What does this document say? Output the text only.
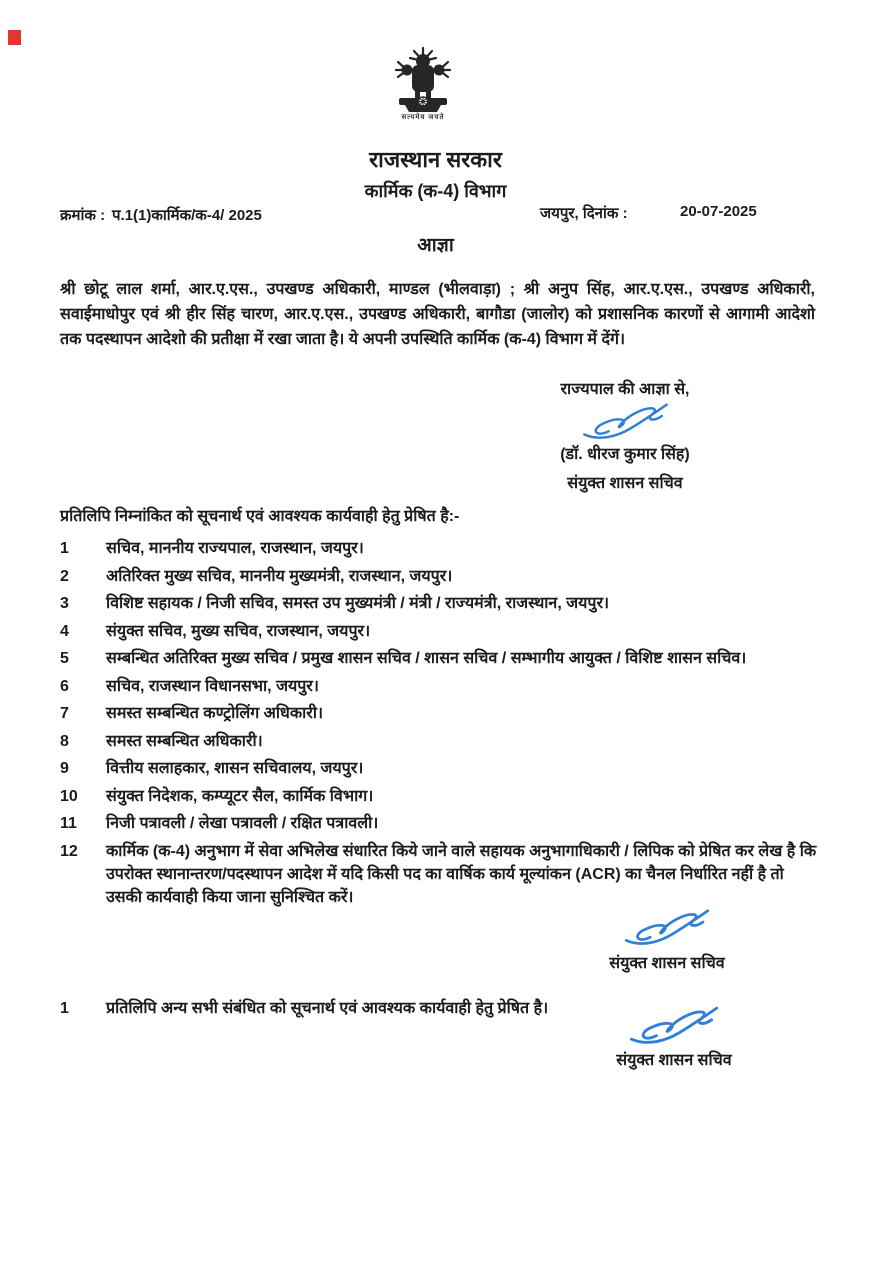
सत्यमेव जयते
राजस्थान सरकार
कार्मिक (क-4) विभाग
क्रमांक : प.1(1)कार्मिक/क-4/ 2025	जयपुर, दिनांक :	20-07-2025
आज्ञा
श्री छोटू लाल शर्मा, आर.ए.एस., उपखण्ड अधिकारी, माण्डल (भीलवाड़ा) ; श्री अनुप सिंह, आर.ए.एस., उपखण्ड अधिकारी, सवाईमाधोपुर एवं श्री हीर सिंह चारण, आर.ए.एस., उपखण्ड अधिकारी, बागौडा (जालोर) को प्रशासनिक कारणों से आगामी आदेशो तक पदस्थापन आदेशो की प्रतीक्षा में रखा जाता है। ये अपनी उपस्थिति कार्मिक (क-4) विभाग में देंगें।
राज्यपाल की आज्ञा से,
(डॉ. धीरज कुमार सिंह)
संयुक्त शासन सचिव
प्रतिलिपि निम्नांकित को सूचनार्थ एवं आवश्यक कार्यवाही हेतु प्रेषित है:-
1	सचिव, माननीय राज्यपाल, राजस्थान, जयपुर।
2	अतिरिक्त मुख्य सचिव, माननीय मुख्यमंत्री, राजस्थान, जयपुर।
3	विशिष्ट सहायक / निजी सचिव, समस्त उप मुख्यमंत्री / मंत्री / राज्यमंत्री, राजस्थान, जयपुर।
4	संयुक्त सचिव, मुख्य सचिव, राजस्थान, जयपुर।
5	सम्बन्धित अतिरिक्त मुख्य सचिव / प्रमुख शासन सचिव / शासन सचिव / सम्भागीय आयुक्त / विशिष्ट शासन सचिव।
6	सचिव, राजस्थान विधानसभा, जयपुर।
7	समस्त सम्बन्धित कण्ट्रोलिंग अधिकारी।
8	समस्त सम्बन्धित अधिकारी।
9	वित्तीय सलाहकार, शासन सचिवालय, जयपुर।
10	संयुक्त निदेशक, कम्प्यूटर सैल, कार्मिक विभाग।
11	निजी पत्रावली / लेखा पत्रावली / रक्षित पत्रावली।
12	कार्मिक (क-4) अनुभाग में सेवा अभिलेख संधारित किये जाने वाले सहायक अनुभागाधिकारी / लिपिक को प्रेषित कर लेख है कि उपरोक्त स्थानान्तरण/पदस्थापन आदेश में यदि किसी पद का वार्षिक कार्य मूल्यांकन (ACR) का चैनल निर्धारित नहीं है तो उसकी कार्यवाही किया जाना सुनिश्चित करें।
संयुक्त शासन सचिव
1	प्रतिलिपि अन्य सभी संबंधित को सूचनार्थ एवं आवश्यक कार्यवाही हेतु प्रेषित है।
संयुक्त शासन सचिव
